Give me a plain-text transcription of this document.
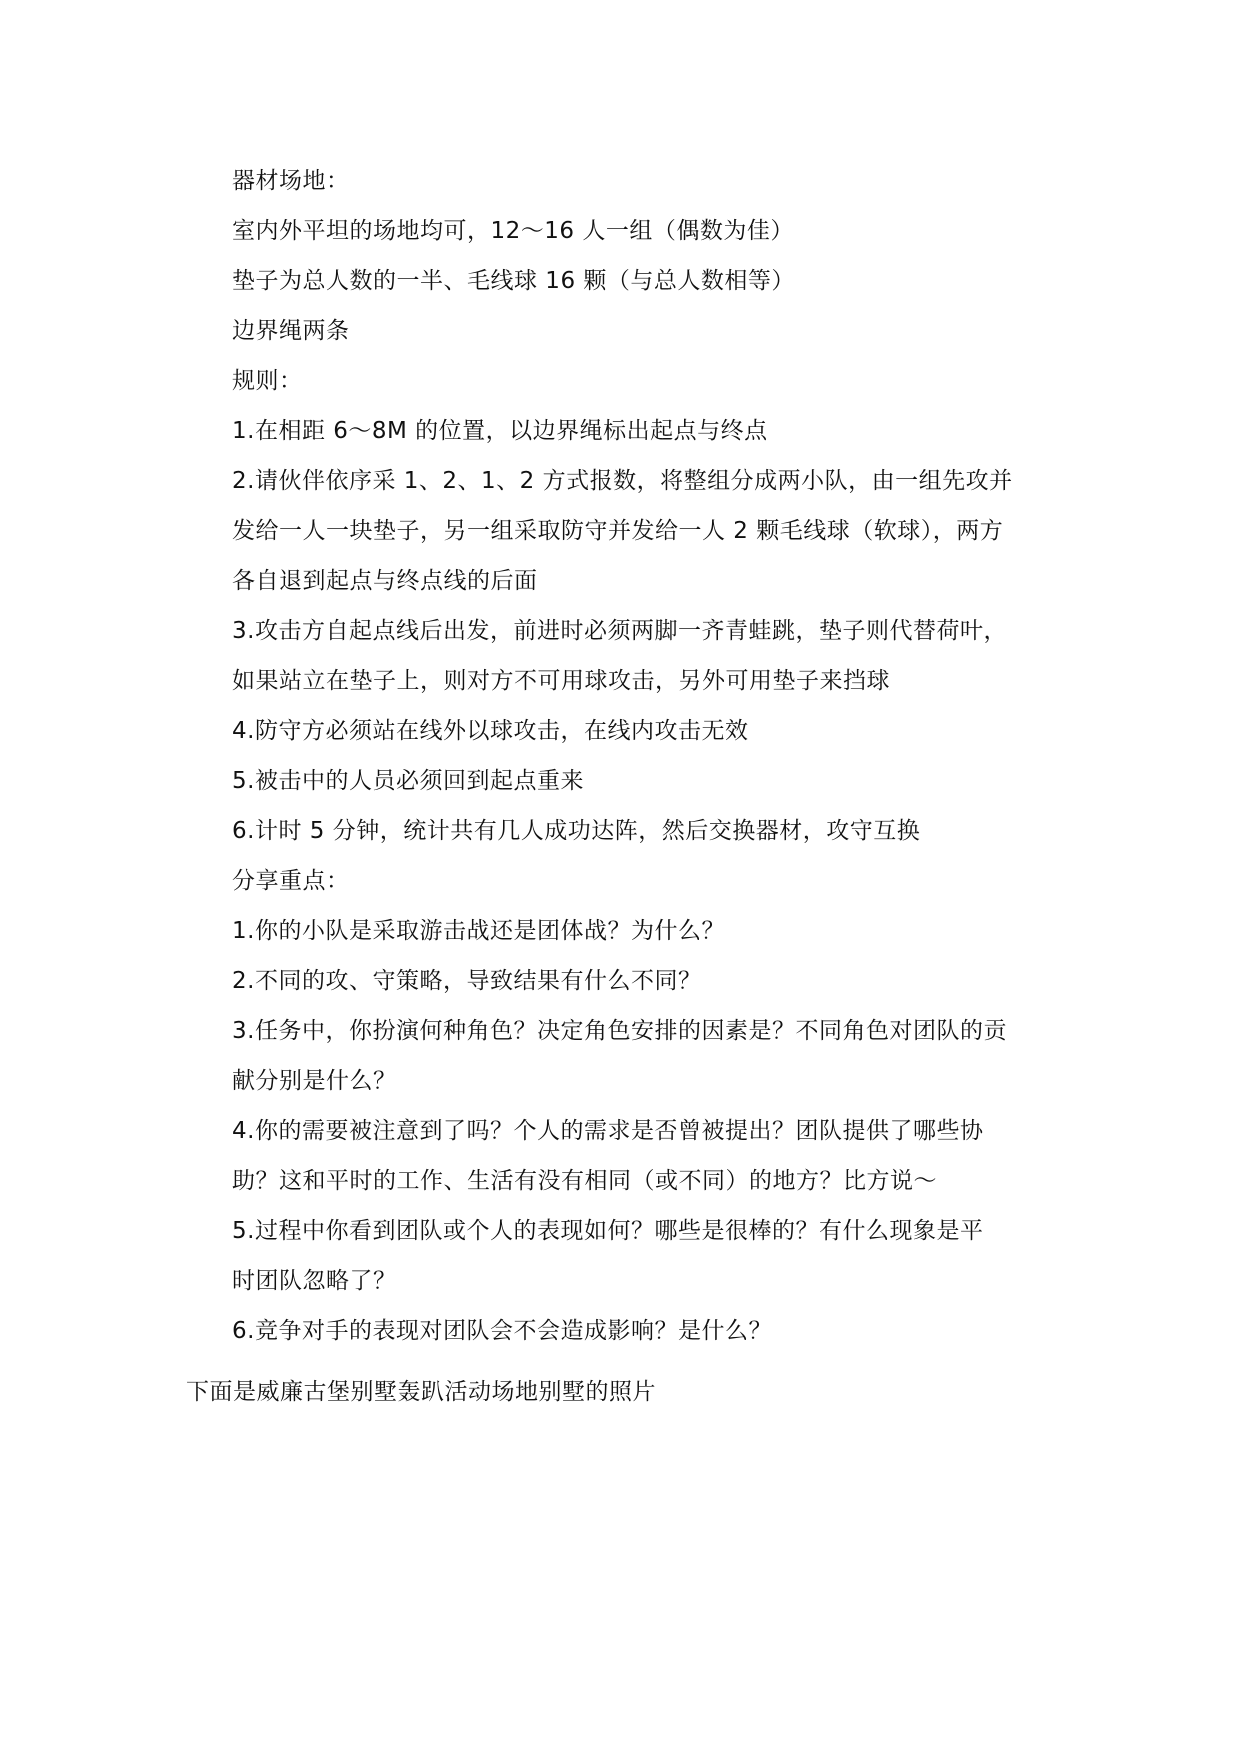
器材场地：
室内外平坦的场地均可，12～16 人一组（偶数为佳）
垫子为总人数的一半、毛线球 16 颗（与总人数相等）
边界绳两条
规则：
1.在相距 6～8M 的位置，以边界绳标出起点与终点
2.请伙伴依序采 1、2、1、2 方式报数，将整组分成两小队，由一组先攻并
发给一人一块垫子，另一组采取防守并发给一人 2 颗毛线球（软球），两方
各自退到起点与终点线的后面
3.攻击方自起点线后出发，前进时必须两脚一齐青蛙跳，垫子则代替荷叶，
如果站立在垫子上，则对方不可用球攻击，另外可用垫子来挡球
4.防守方必须站在线外以球攻击，在线内攻击无效
5.被击中的人员必须回到起点重来
6.计时 5 分钟，统计共有几人成功达阵，然后交换器材，攻守互换
分享重点：
1.你的小队是采取游击战还是团体战？为什么？
2.不同的攻、守策略，导致结果有什么不同？
3.任务中，你扮演何种角色？决定角色安排的因素是？不同角色对团队的贡
献分别是什么？
4.你的需要被注意到了吗？个人的需求是否曾被提出？团队提供了哪些协
助？这和平时的工作、生活有没有相同（或不同）的地方？比方说～
5.过程中你看到团队或个人的表现如何？哪些是很棒的？有什么现象是平
时团队忽略了？
6.竞争对手的表现对团队会不会造成影响？是什么？
下面是威廉古堡别墅轰趴活动场地别墅的照片
